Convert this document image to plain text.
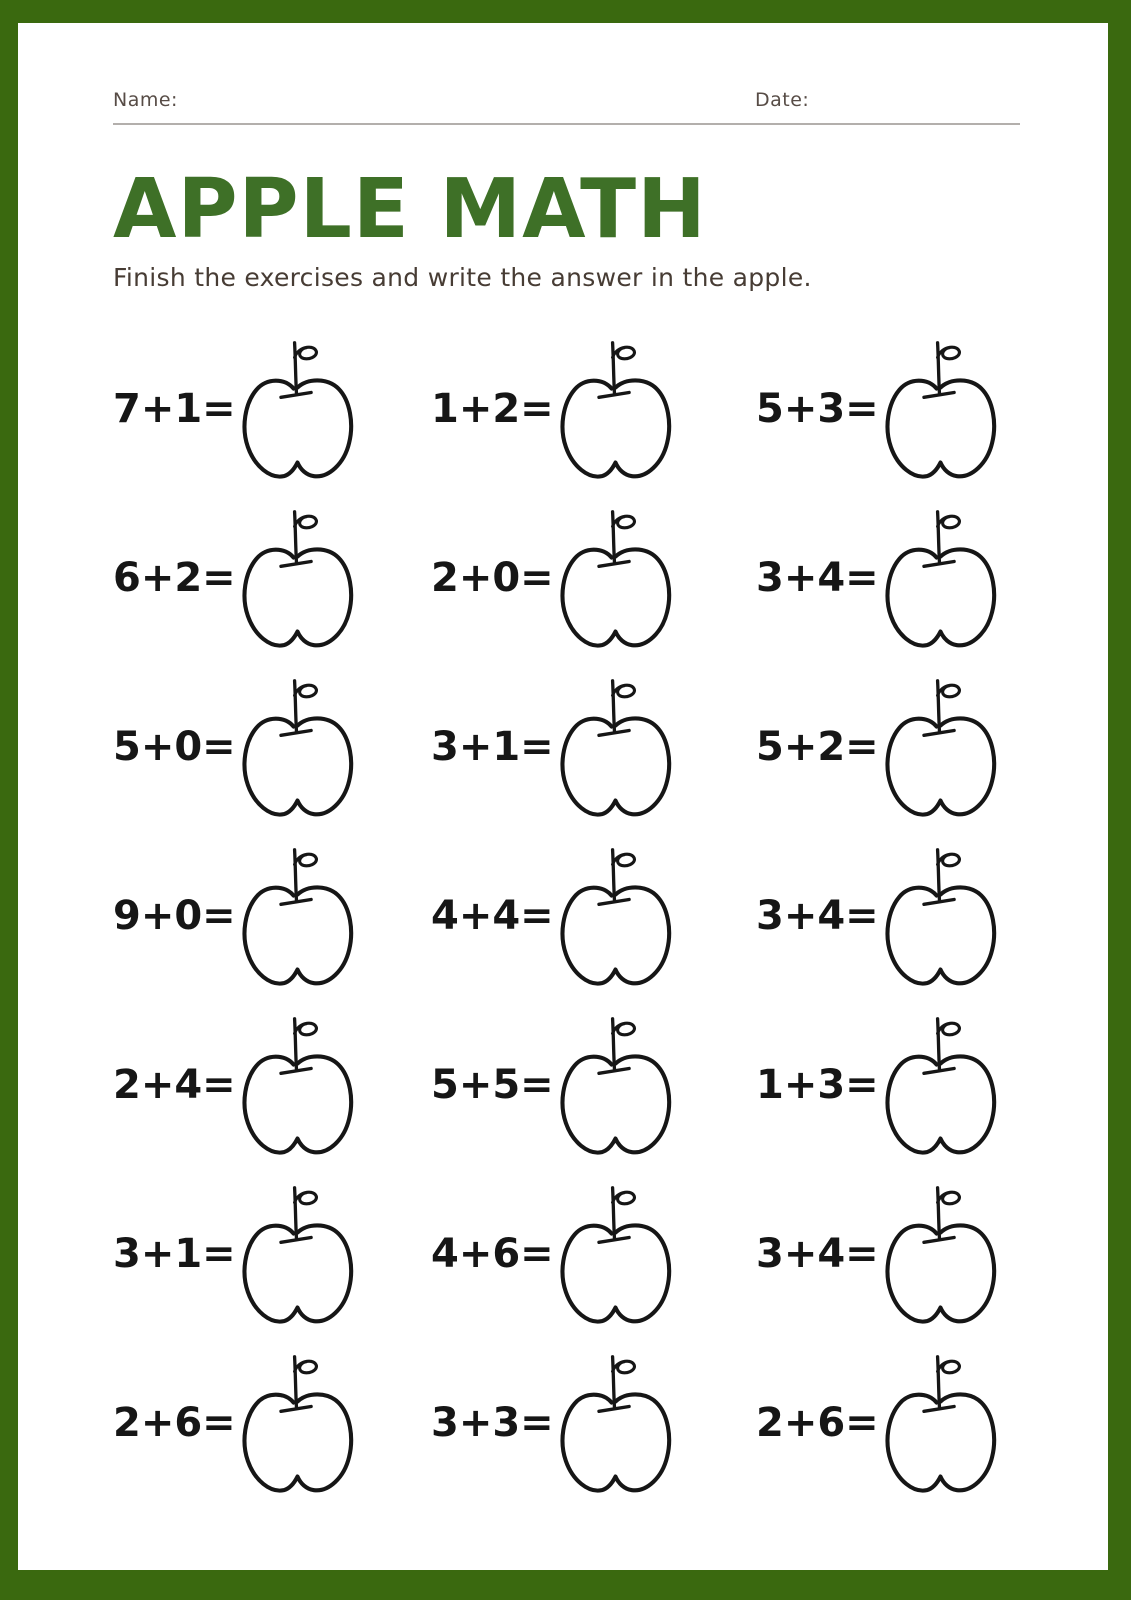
Name:	Date:
APPLE MATH

Finish the exercises and write the answer in the apple.

7+1=	1+2=	5+3=
6+2=	2+0=	3+4=
5+0=	3+1=	5+2=
9+0=	4+4=	3+4=
2+4=	5+5=	1+3=
3+1=	4+6=	3+4=
2+6=	3+3=	2+6=
